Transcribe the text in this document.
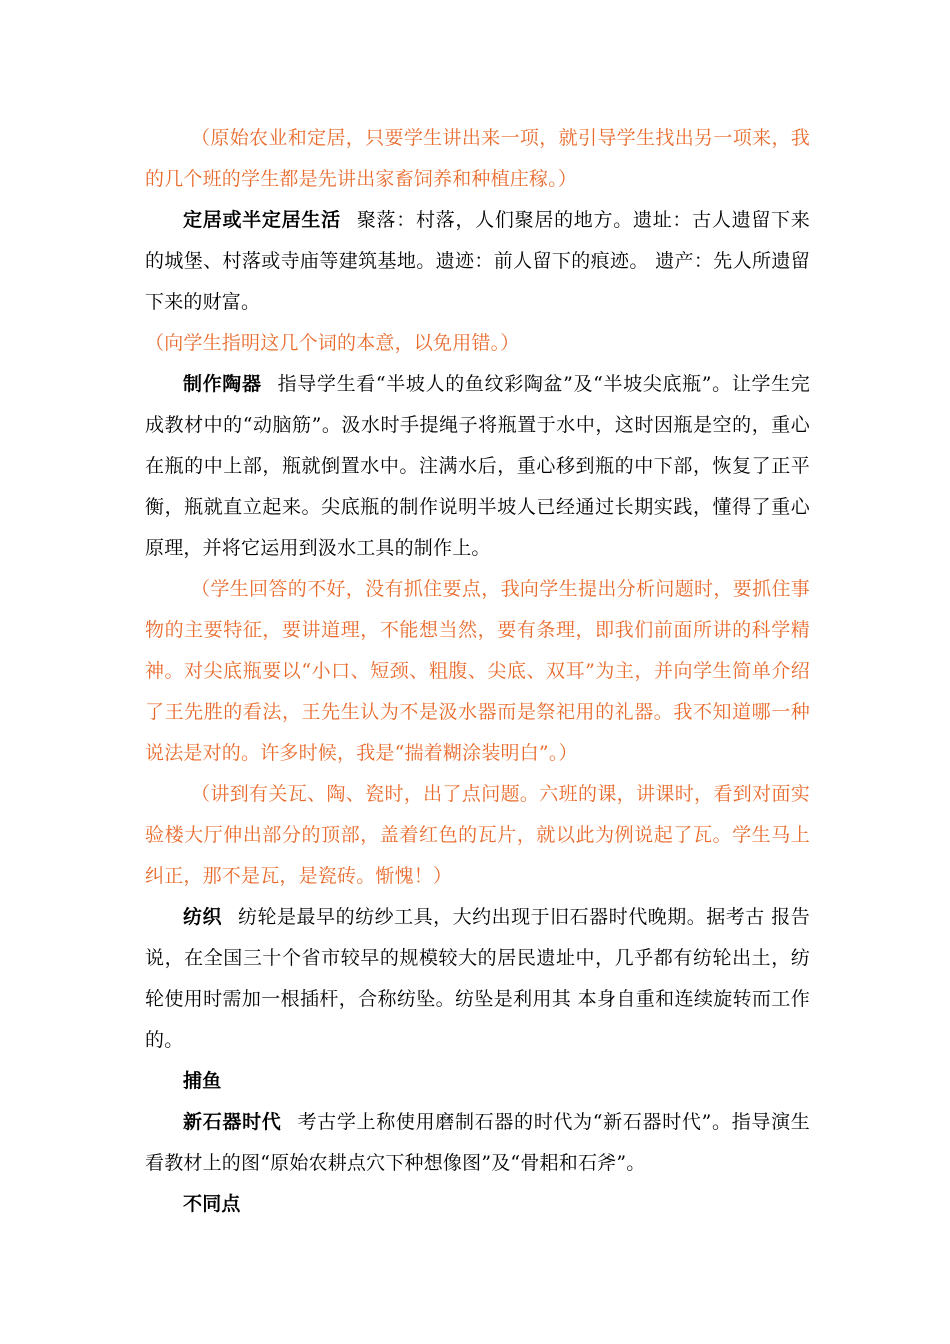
（原始农业和定居，只要学生讲出来一项，就引导学生找出另一项来，我的几个班的学生都是先讲出家畜饲养和种植庄稼。）

定居或半定居生活 聚落：村落，人们聚居的地方。遗址：古人遗留下来的城堡、村落或寺庙等建筑基地。遗迹：前人留下的痕迹。 遗产：先人所遗留下来的财富。

（向学生指明这几个词的本意，以免用错。）

制作陶器 指导学生看“半坡人的鱼纹彩陶盆”及“半坡尖底瓶”。让学生完成教材中的“动脑筋”。汲水时手提绳子将瓶置于水中，这时因瓶是空的，重心在瓶的中上部，瓶就倒置水中。注满水后，重心移到瓶的中下部，恢复了正平衡，瓶就直立起来。尖底瓶的制作说明半坡人已经通过长期实践，懂得了重心原理，并将它运用到汲水工具的制作上。

（学生回答的不好，没有抓住要点，我向学生提出分析问题时，要抓住事物的主要特征，要讲道理，不能想当然，要有条理，即我们前面所讲的科学精神。对尖底瓶要以“小口、短颈、粗腹、尖底、双耳”为主，并向学生简单介绍了王先胜的看法，王先生认为不是汲水器而是祭祀用的礼器。我不知道哪一种说法是对的。许多时候，我是“揣着糊涂装明白”。）

（讲到有关瓦、陶、瓷时，出了点问题。六班的课，讲课时，看到对面实验楼大厅伸出部分的顶部，盖着红色的瓦片，就以此为例说起了瓦。学生马上纠正，那不是瓦，是瓷砖。惭愧！）

纺织 纺轮是最早的纺纱工具，大约出现于旧石器时代晚期。据考古 报告说，在全国三十个省市较早的规模较大的居民遗址中，几乎都有纺轮出土，纺轮使用时需加一根插杆，合称纺坠。纺坠是利用其 本身自重和连续旋转而工作的。

捕鱼

新石器时代 考古学上称使用磨制石器的时代为“新石器时代”。指导演生看教材上的图“原始农耕点穴下种想像图”及“骨耜和石斧”。

不同点
